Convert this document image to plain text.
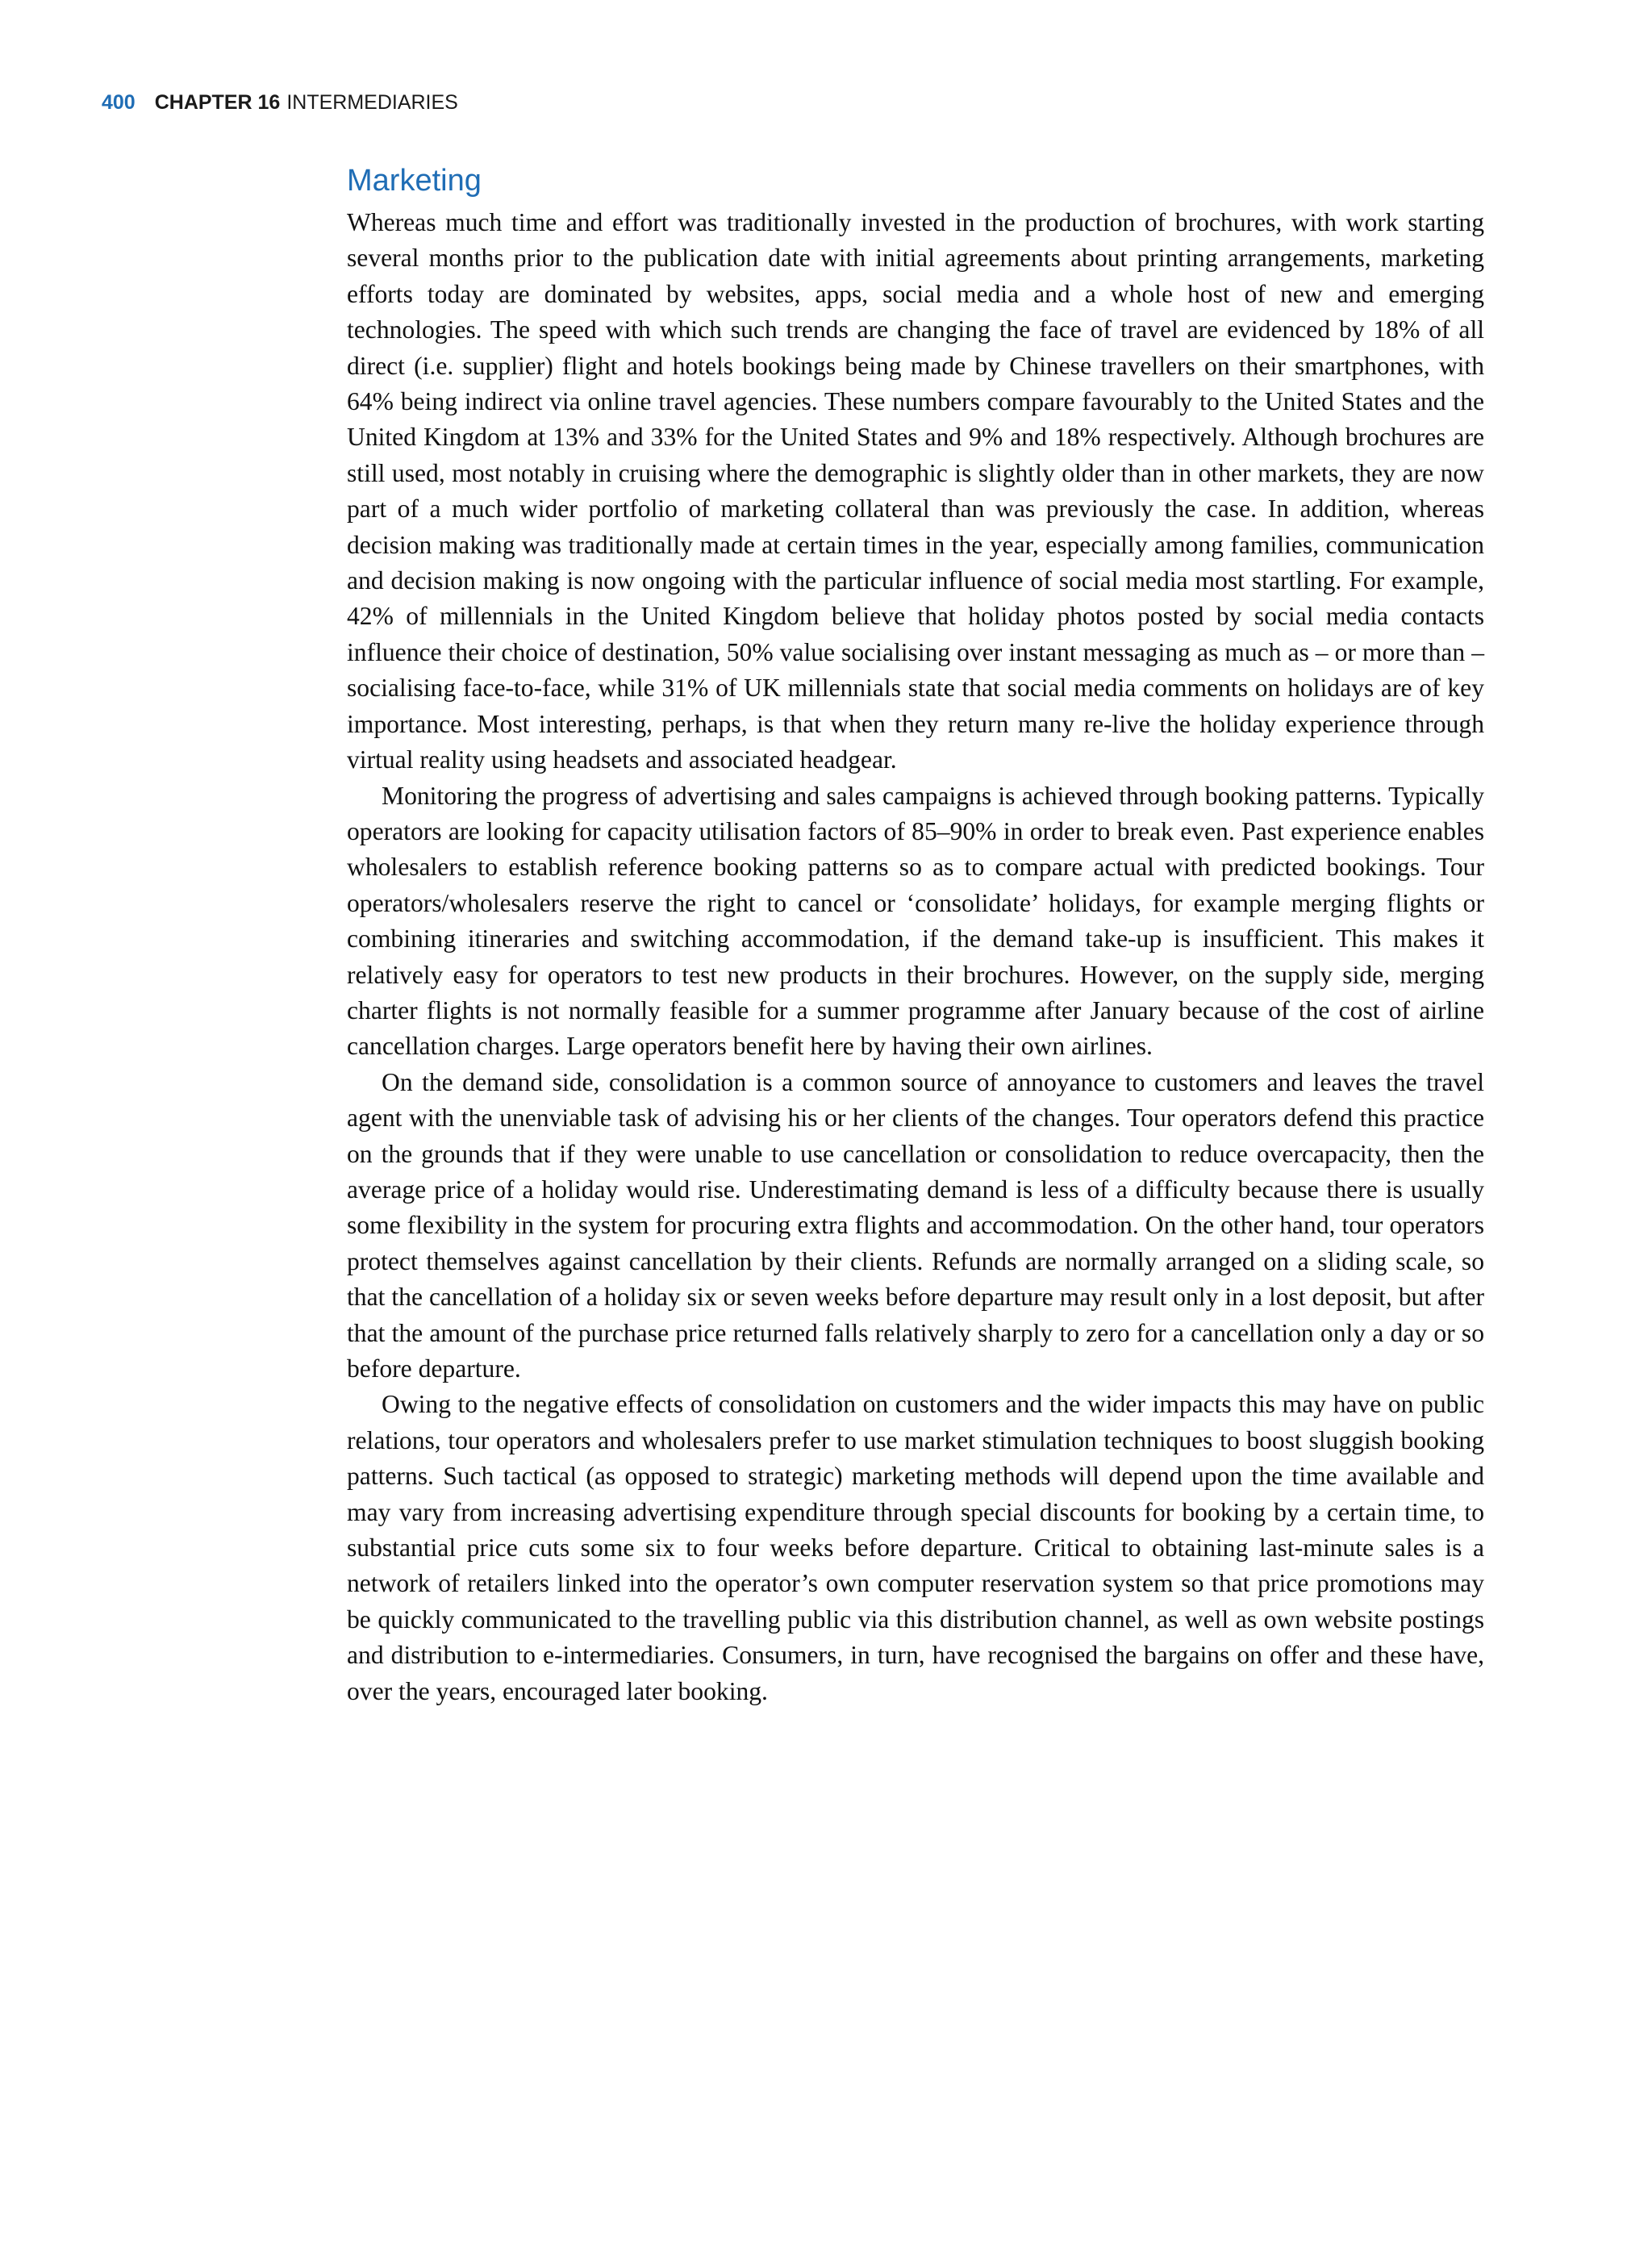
400 CHAPTER 16 INTERMEDIARIES
Marketing

Whereas much time and effort was traditionally invested in the production of brochures, with work starting several months prior to the publication date with initial agreements about printing arrangements, marketing efforts today are dominated by websites, apps, social media and a whole host of new and emerging technologies. The speed with which such trends are changing the face of travel are evidenced by 18% of all direct (i.e. supplier) flight and hotels bookings being made by Chinese travellers on their smartphones, with 64% being indirect via online travel agencies. These numbers compare favourably to the United States and the United Kingdom at 13% and 33% for the United States and 9% and 18% respectively. Although brochures are still used, most notably in cruising where the demographic is slightly older than in other markets, they are now part of a much wider portfolio of marketing collateral than was previously the case. In addition, whereas decision making was traditionally made at certain times in the year, especially among families, communication and decision making is now ongoing with the particular influence of social media most startling. For example, 42% of millennials in the United Kingdom believe that holiday photos posted by social media contacts influence their choice of destination, 50% value socialising over instant messaging as much as – or more than – socialising face-to-face, while 31% of UK millennials state that social media comments on holidays are of key importance. Most interesting, perhaps, is that when they return many re-live the holiday experience through virtual reality using headsets and associated headgear.

Monitoring the progress of advertising and sales campaigns is achieved through booking patterns. Typically operators are looking for capacity utilisation factors of 85–90% in order to break even. Past experience enables wholesalers to establish reference booking patterns so as to compare actual with predicted bookings. Tour operators/wholesalers reserve the right to cancel or ‘consolidate’ holidays, for example merging flights or combining itineraries and switching accommodation, if the demand take-up is insufficient. This makes it relatively easy for operators to test new products in their brochures. However, on the supply side, merging charter flights is not normally feasible for a summer programme after January because of the cost of airline cancellation charges. Large operators benefit here by having their own airlines.

On the demand side, consolidation is a common source of annoyance to customers and leaves the travel agent with the unenviable task of advising his or her clients of the changes. Tour operators defend this practice on the grounds that if they were unable to use cancellation or consolidation to reduce overcapacity, then the average price of a holiday would rise. Underestimating demand is less of a difficulty because there is usually some flexibility in the system for procuring extra flights and accommodation. On the other hand, tour operators protect themselves against cancellation by their clients. Refunds are normally arranged on a sliding scale, so that the cancellation of a holiday six or seven weeks before departure may result only in a lost deposit, but after that the amount of the purchase price returned falls relatively sharply to zero for a cancellation only a day or so before departure.

Owing to the negative effects of consolidation on customers and the wider impacts this may have on public relations, tour operators and wholesalers prefer to use market stimulation techniques to boost sluggish booking patterns. Such tactical (as opposed to strategic) marketing methods will depend upon the time available and may vary from increasing advertising expenditure through special discounts for booking by a certain time, to substantial price cuts some six to four weeks before departure. Critical to obtaining last-minute sales is a network of retailers linked into the operator’s own computer reservation system so that price promotions may be quickly communicated to the travelling public via this distribution channel, as well as own website postings and distribution to e-intermediaries. Consumers, in turn, have recognised the bargains on offer and these have, over the years, encouraged later booking.
